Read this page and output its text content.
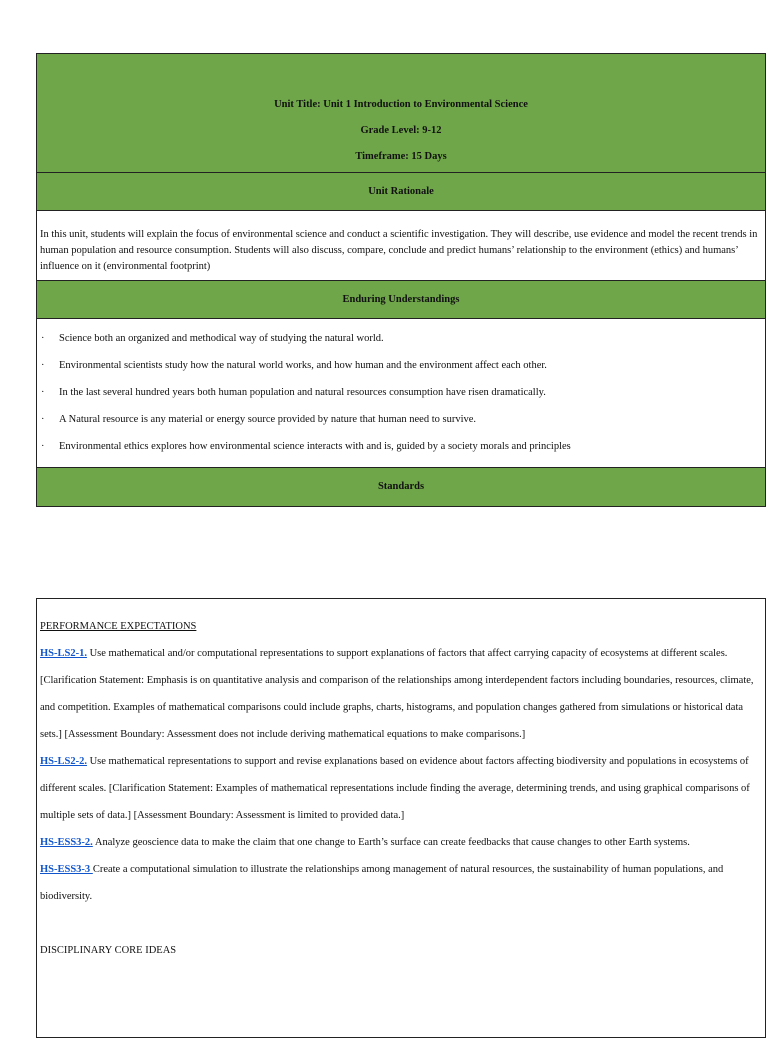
Unit Title: Unit 1 Introduction to Environmental Science
Grade Level: 9-12
Timeframe: 15 Days
Unit Rationale
In this unit, students will explain the focus of environmental science and conduct a scientific investigation. They will describe, use evidence and model the recent trends in human population and resource consumption. Students will also discuss, compare, conclude and predict humans’ relationship to the environment (ethics) and humans’ influence on it (environmental footprint)
Enduring Understandings
· Science both an organized and methodical way of studying the natural world.
· Environmental scientists study how the natural world works, and how human and the environment affect each other.
· In the last several hundred years both human population and natural resources consumption have risen dramatically.
· A Natural resource is any material or energy source provided by nature that human need to survive.
· Environmental ethics explores how environmental science interacts with and is, guided by a society morals and principles
Standards
PERFORMANCE EXPECTATIONS
HS-LS2-1. Use mathematical and/or computational representations to support explanations of factors that affect carrying capacity of ecosystems at different scales. [Clarification Statement: Emphasis is on quantitative analysis and comparison of the relationships among interdependent factors including boundaries, resources, climate, and competition. Examples of mathematical comparisons could include graphs, charts, histograms, and population changes gathered from simulations or historical data sets.] [Assessment Boundary: Assessment does not include deriving mathematical equations to make comparisons.]
HS-LS2-2. Use mathematical representations to support and revise explanations based on evidence about factors affecting biodiversity and populations in ecosystems of different scales. [Clarification Statement: Examples of mathematical representations include finding the average, determining trends, and using graphical comparisons of multiple sets of data.] [Assessment Boundary: Assessment is limited to provided data.]
HS-ESS3-2. Analyze geoscience data to make the claim that one change to Earth’s surface can create feedbacks that cause changes to other Earth systems.
HS-ESS3-3 Create a computational simulation to illustrate the relationships among management of natural resources, the sustainability of human populations, and biodiversity.
DISCIPLINARY CORE IDEAS
